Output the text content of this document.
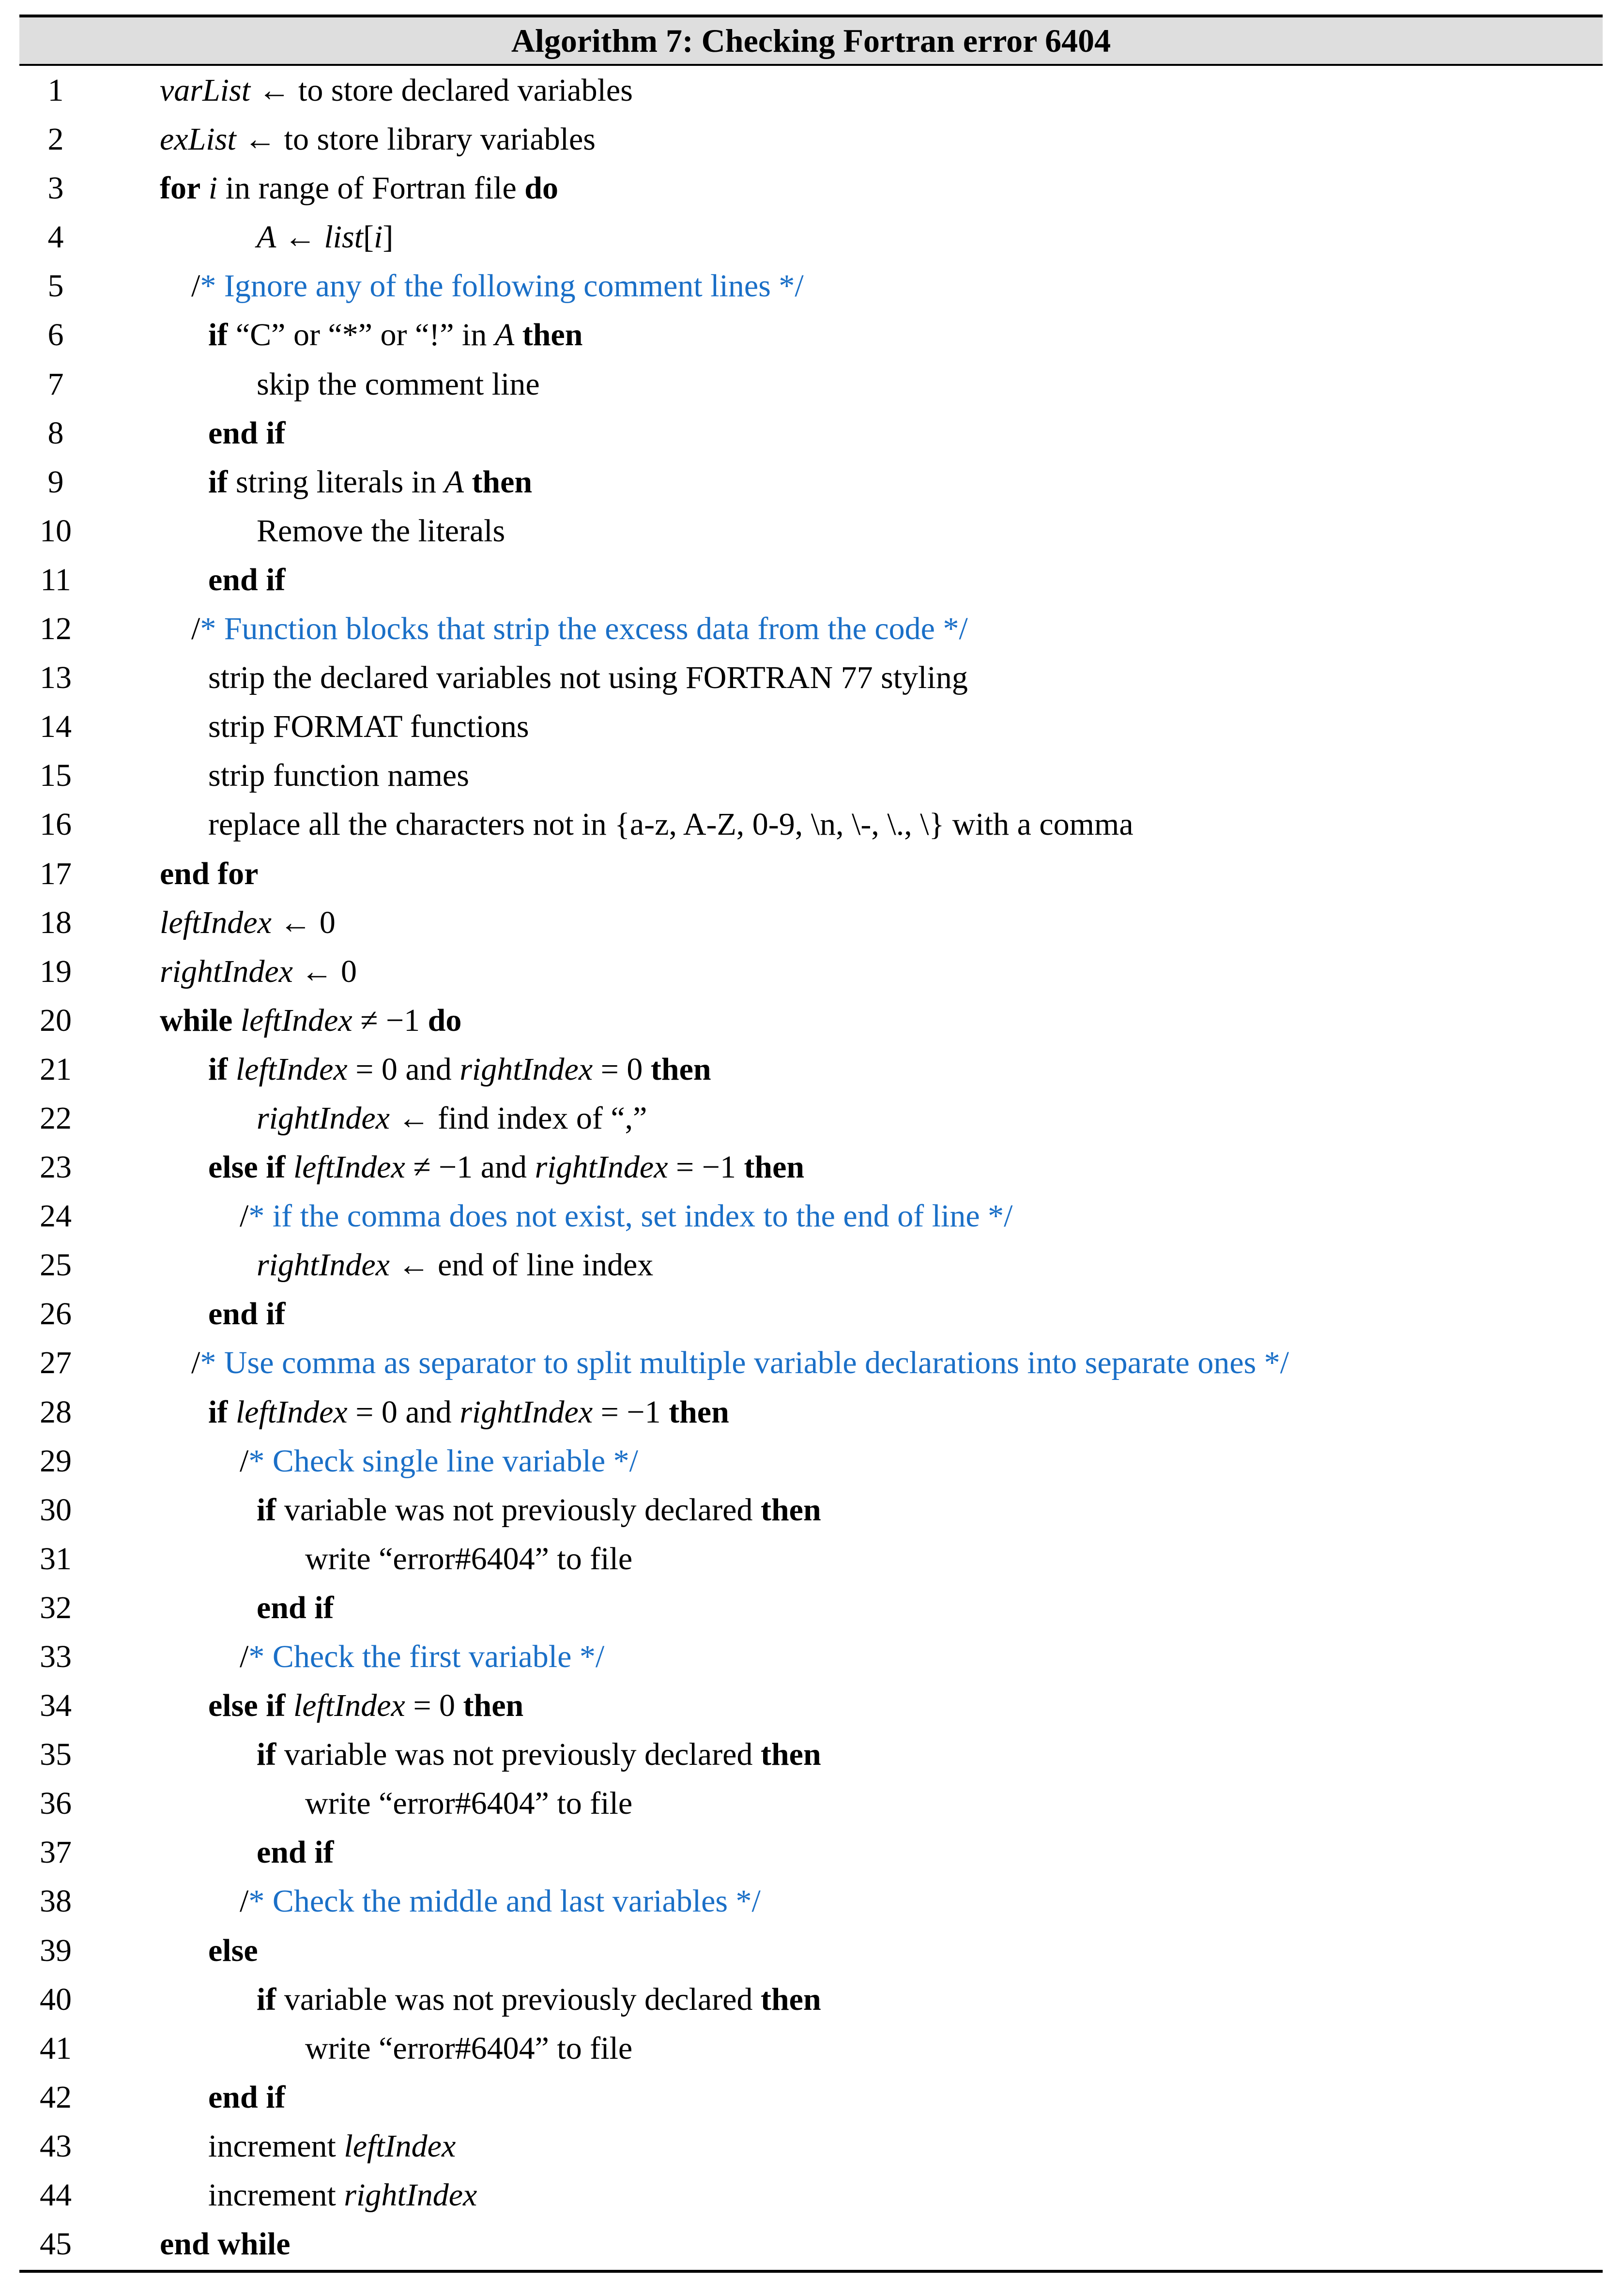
Algorithm 7: Checking Fortran error 6404
1	varList ← to store declared variables
2	exList ← to store library variables
3	for i in range of Fortran file do
4	A ← list[i]
5	/* Ignore any of the following comment lines */
6	if “C” or “*” or “!” in A then
7	skip the comment line
8	end if
9	if string literals in A then
10	Remove the literals
11	end if
12	/* Function blocks that strip the excess data from the code */
13	strip the declared variables not using FORTRAN 77 styling
14	strip FORMAT functions
15	strip function names
16	replace all the characters not in {a-z, A-Z, 0-9, \n, \-, \., \} with a comma
17	end for
18	leftIndex ← 0
19	rightIndex ← 0
20	while leftIndex ≠ −1 do
21	if leftIndex = 0 and rightIndex = 0 then
22	rightIndex ← find index of “,”
23	else if leftIndex ≠ −1 and rightIndex = −1 then
24	/* if the comma does not exist, set index to the end of line */
25	rightIndex ← end of line index
26	end if
27	/* Use comma as separator to split multiple variable declarations into separate ones */
28	if leftIndex = 0 and rightIndex = −1 then
29	/* Check single line variable */
30	if variable was not previously declared then
31	write “error#6404” to file
32	end if
33	/* Check the first variable */
34	else if leftIndex = 0 then
35	if variable was not previously declared then
36	write “error#6404” to file
37	end if
38	/* Check the middle and last variables */
39	else
40	if variable was not previously declared then
41	write “error#6404” to file
42	end if
43	increment leftIndex
44	increment rightIndex
45	end while
